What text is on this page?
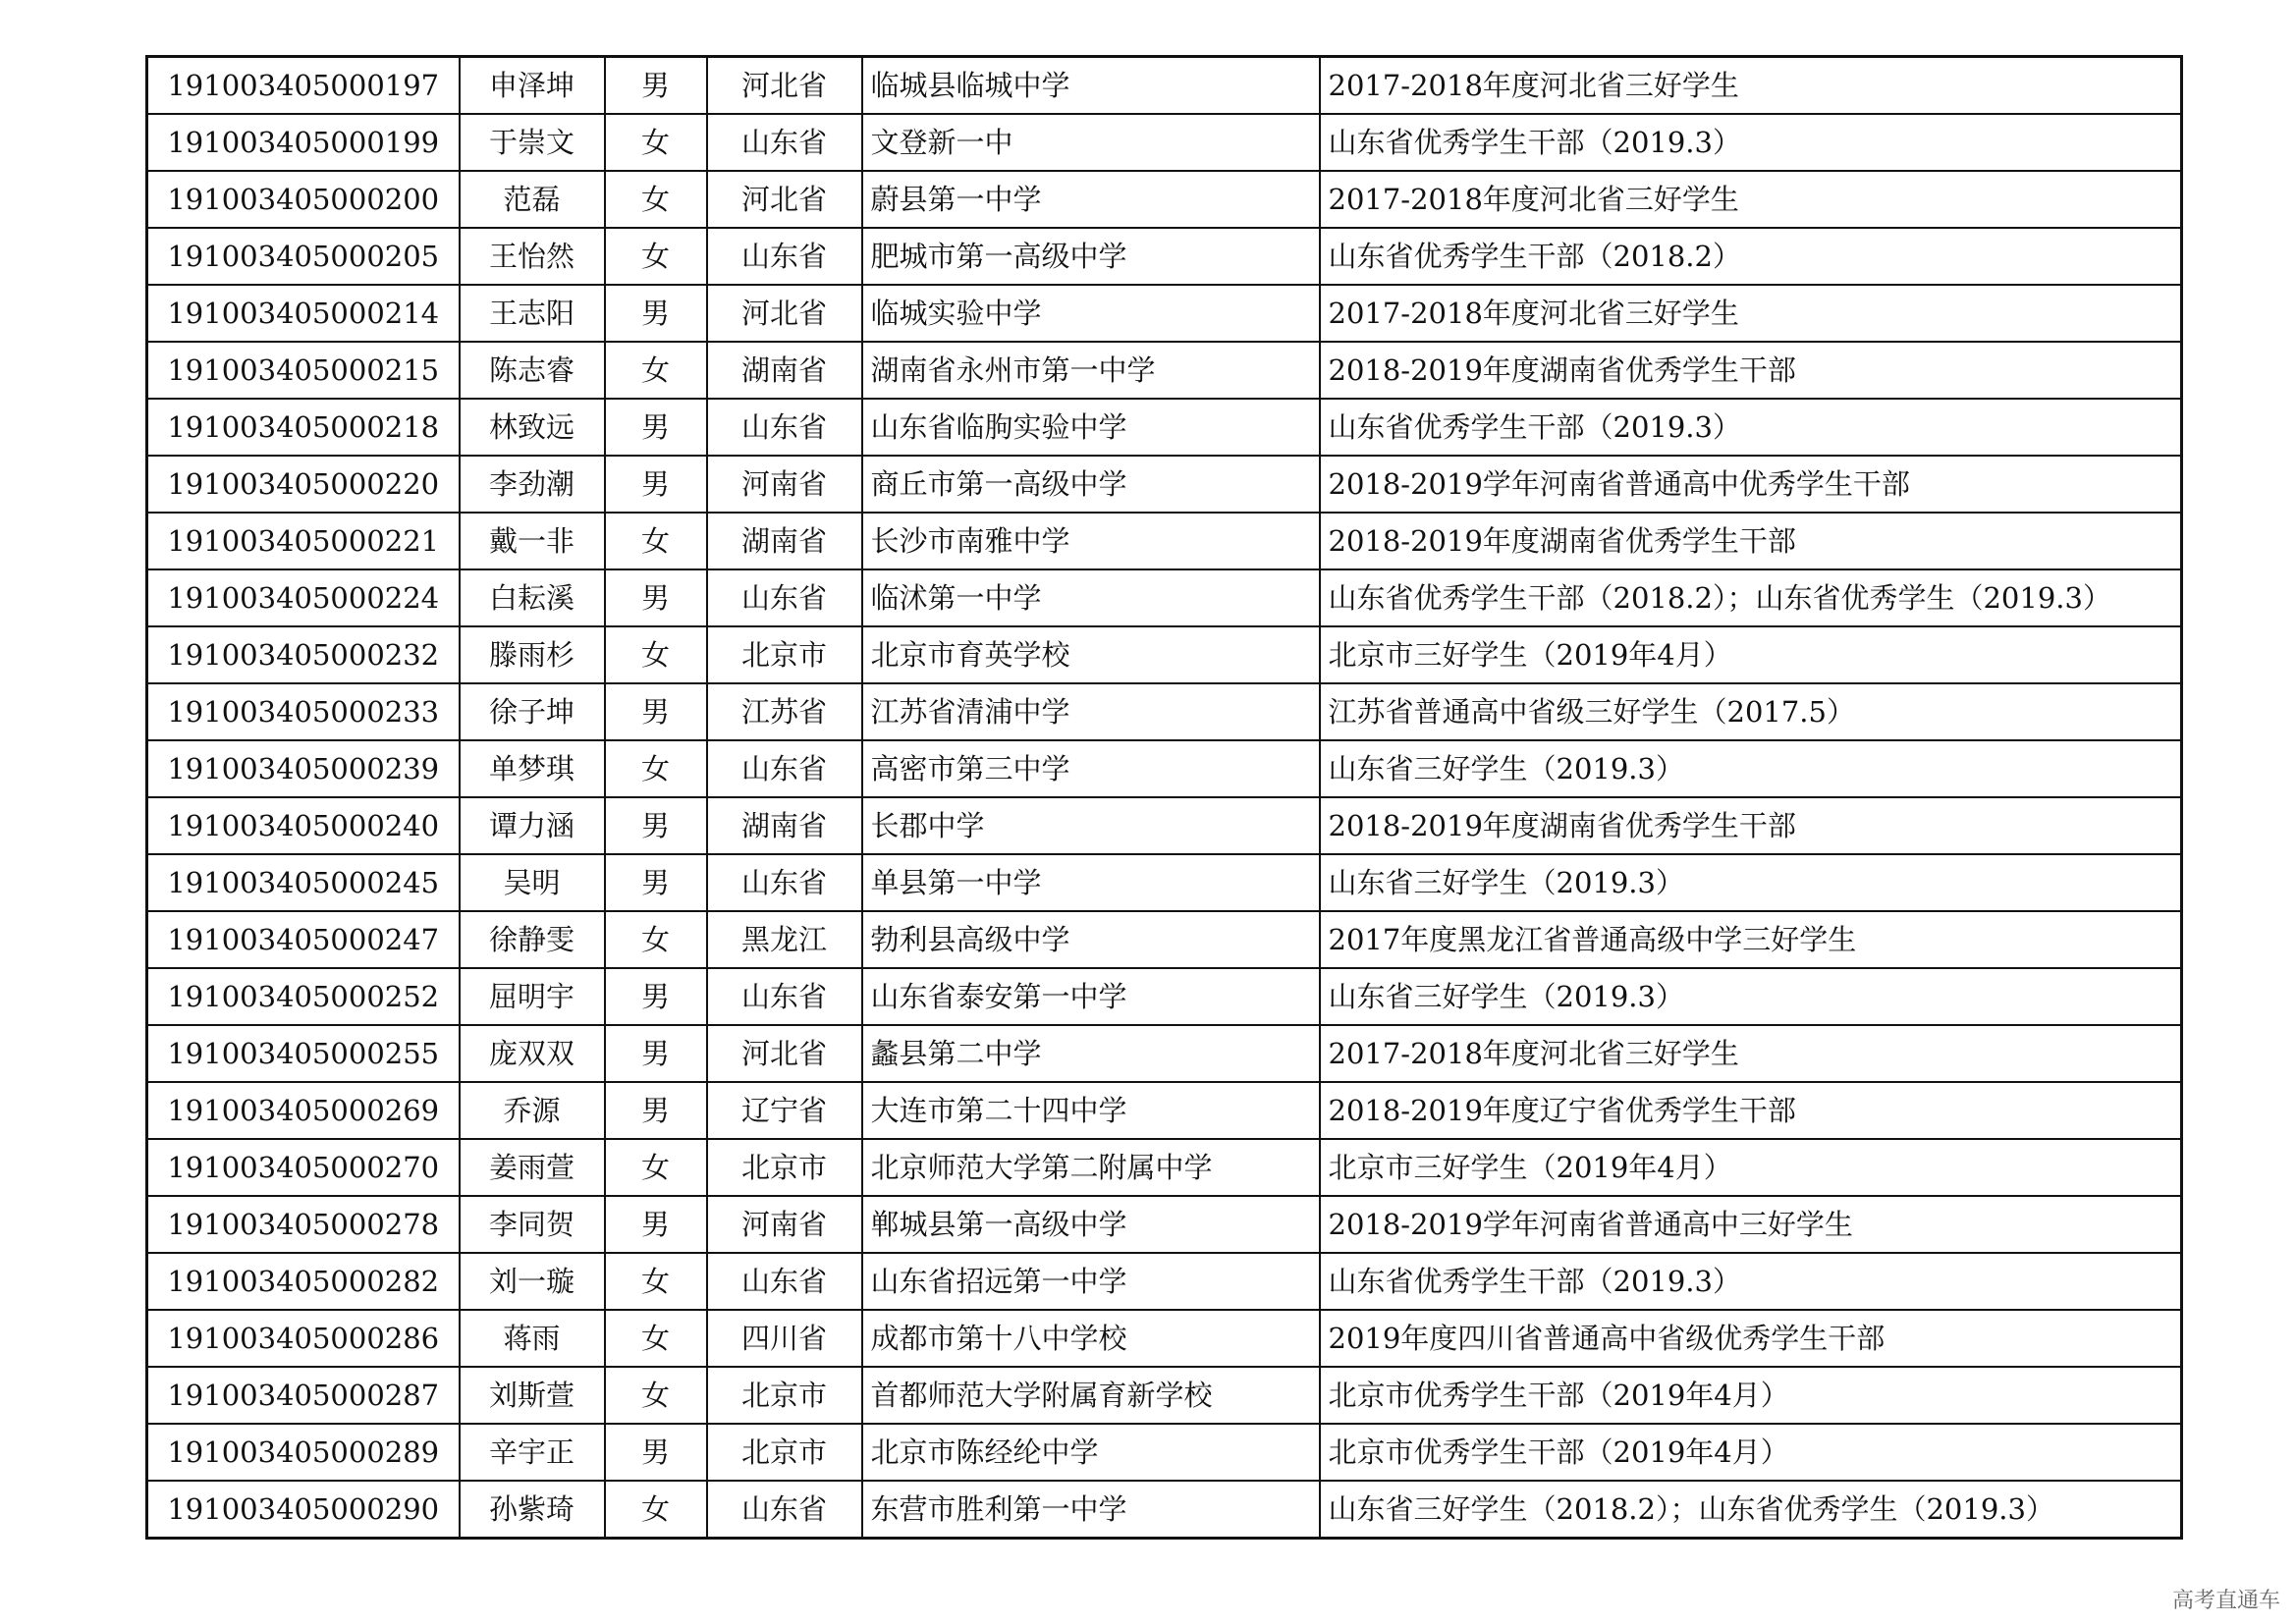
191003405000197	申泽坤	男	河北省	临城县临城中学	2017-2018年度河北省三好学生
191003405000199	于崇文	女	山东省	文登新一中	山东省优秀学生干部（2019.3）
191003405000200	范磊	女	河北省	蔚县第一中学	2017-2018年度河北省三好学生
191003405000205	王怡然	女	山东省	肥城市第一高级中学	山东省优秀学生干部（2018.2）
191003405000214	王志阳	男	河北省	临城实验中学	2017-2018年度河北省三好学生
191003405000215	陈志睿	女	湖南省	湖南省永州市第一中学	2018-2019年度湖南省优秀学生干部
191003405000218	林致远	男	山东省	山东省临朐实验中学	山东省优秀学生干部（2019.3）
191003405000220	李劲潮	男	河南省	商丘市第一高级中学	2018-2019学年河南省普通高中优秀学生干部
191003405000221	戴一非	女	湖南省	长沙市南雅中学	2018-2019年度湖南省优秀学生干部
191003405000224	白耘溪	男	山东省	临沭第一中学	山东省优秀学生干部（2018.2）；山东省优秀学生（2019.3）
191003405000232	滕雨杉	女	北京市	北京市育英学校	北京市三好学生（2019年4月）
191003405000233	徐子坤	男	江苏省	江苏省清浦中学	江苏省普通高中省级三好学生（2017.5）
191003405000239	单梦琪	女	山东省	高密市第三中学	山东省三好学生（2019.3）
191003405000240	谭力涵	男	湖南省	长郡中学	2018-2019年度湖南省优秀学生干部
191003405000245	吴明	男	山东省	单县第一中学	山东省三好学生（2019.3）
191003405000247	徐静雯	女	黑龙江	勃利县高级中学	2017年度黑龙江省普通高级中学三好学生
191003405000252	屈明宇	男	山东省	山东省泰安第一中学	山东省三好学生（2019.3）
191003405000255	庞双双	男	河北省	蠡县第二中学	2017-2018年度河北省三好学生
191003405000269	乔源	男	辽宁省	大连市第二十四中学	2018-2019年度辽宁省优秀学生干部
191003405000270	姜雨萱	女	北京市	北京师范大学第二附属中学	北京市三好学生（2019年4月）
191003405000278	李同贺	男	河南省	郸城县第一高级中学	2018-2019学年河南省普通高中三好学生
191003405000282	刘一璇	女	山东省	山东省招远第一中学	山东省优秀学生干部（2019.3）
191003405000286	蒋雨	女	四川省	成都市第十八中学校	2019年度四川省普通高中省级优秀学生干部
191003405000287	刘斯萱	女	北京市	首都师范大学附属育新学校	北京市优秀学生干部（2019年4月）
191003405000289	辛宇正	男	北京市	北京市陈经纶中学	北京市优秀学生干部（2019年4月）
191003405000290	孙紫琦	女	山东省	东营市胜利第一中学	山东省三好学生（2018.2）；山东省优秀学生（2019.3）
高考直通车
